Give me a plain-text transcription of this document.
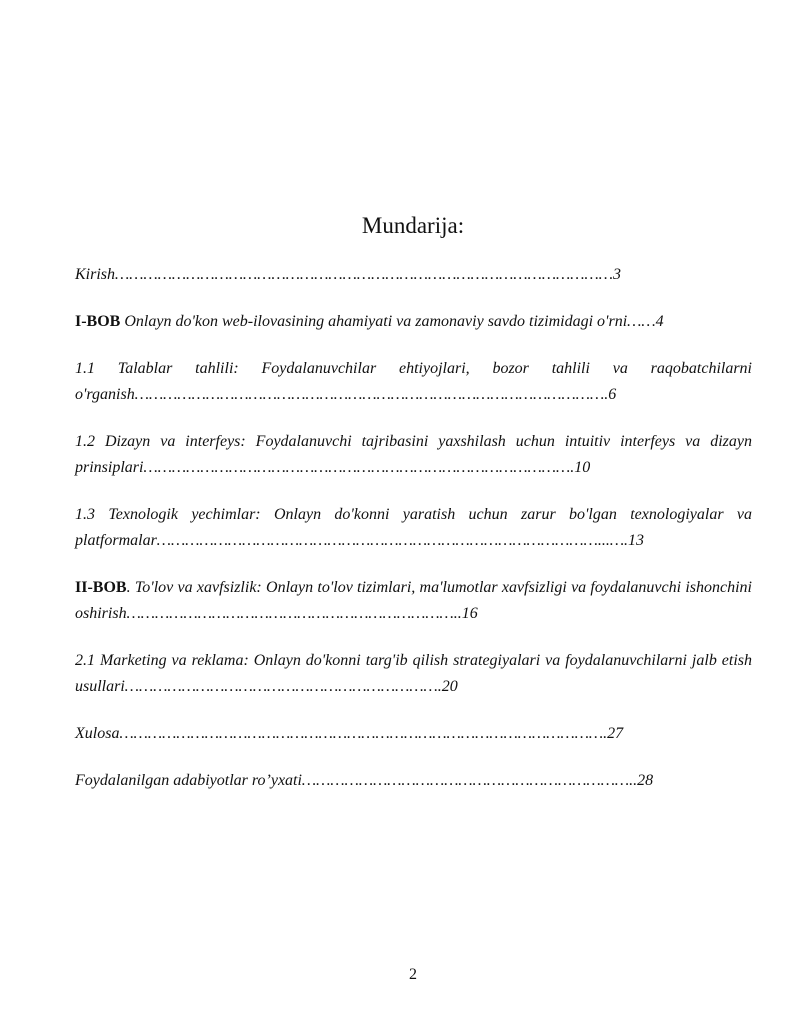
Mundarija:
Kirish……………………………………………………………………………………………3
I-BOB Onlayn do'kon web-ilovasining ahamiyati va zamonaviy savdo tizimidagi o'rni……4
1.1 Talablar tahlili: Foydalanuvchilar ehtiyojlari, bozor tahlili va raqobatchilarni o'rganish……………………………………………………………………………………….6
1.2 Dizayn va interfeys: Foydalanuvchi tajribasini yaxshilash uchun intuitiv interfeys va dizayn prinsiplari……………………………………………………………………………….10
1.3 Texnologik yechimlar: Onlayn do'konni yaratish uchun zarur bo'lgan texnologiyalar va platformalar…………………………………………………………………………………...….13
II-BOB. To'lov va xavfsizlik: Onlayn to'lov tizimlari, ma'lumotlar xavfsizligi va foydalanuvchi ishonchini oshirish……………………………………………………………..16
2.1 Marketing va reklama: Onlayn do'konni targ'ib qilish strategiyalari va foydalanuvchilarni jalb etish usullari………………………………………………………….20
Xulosa………………………………………………………………………………………….27
Foydalanilgan adabiyotlar ro’yxati……………………………………………………………..28
2
